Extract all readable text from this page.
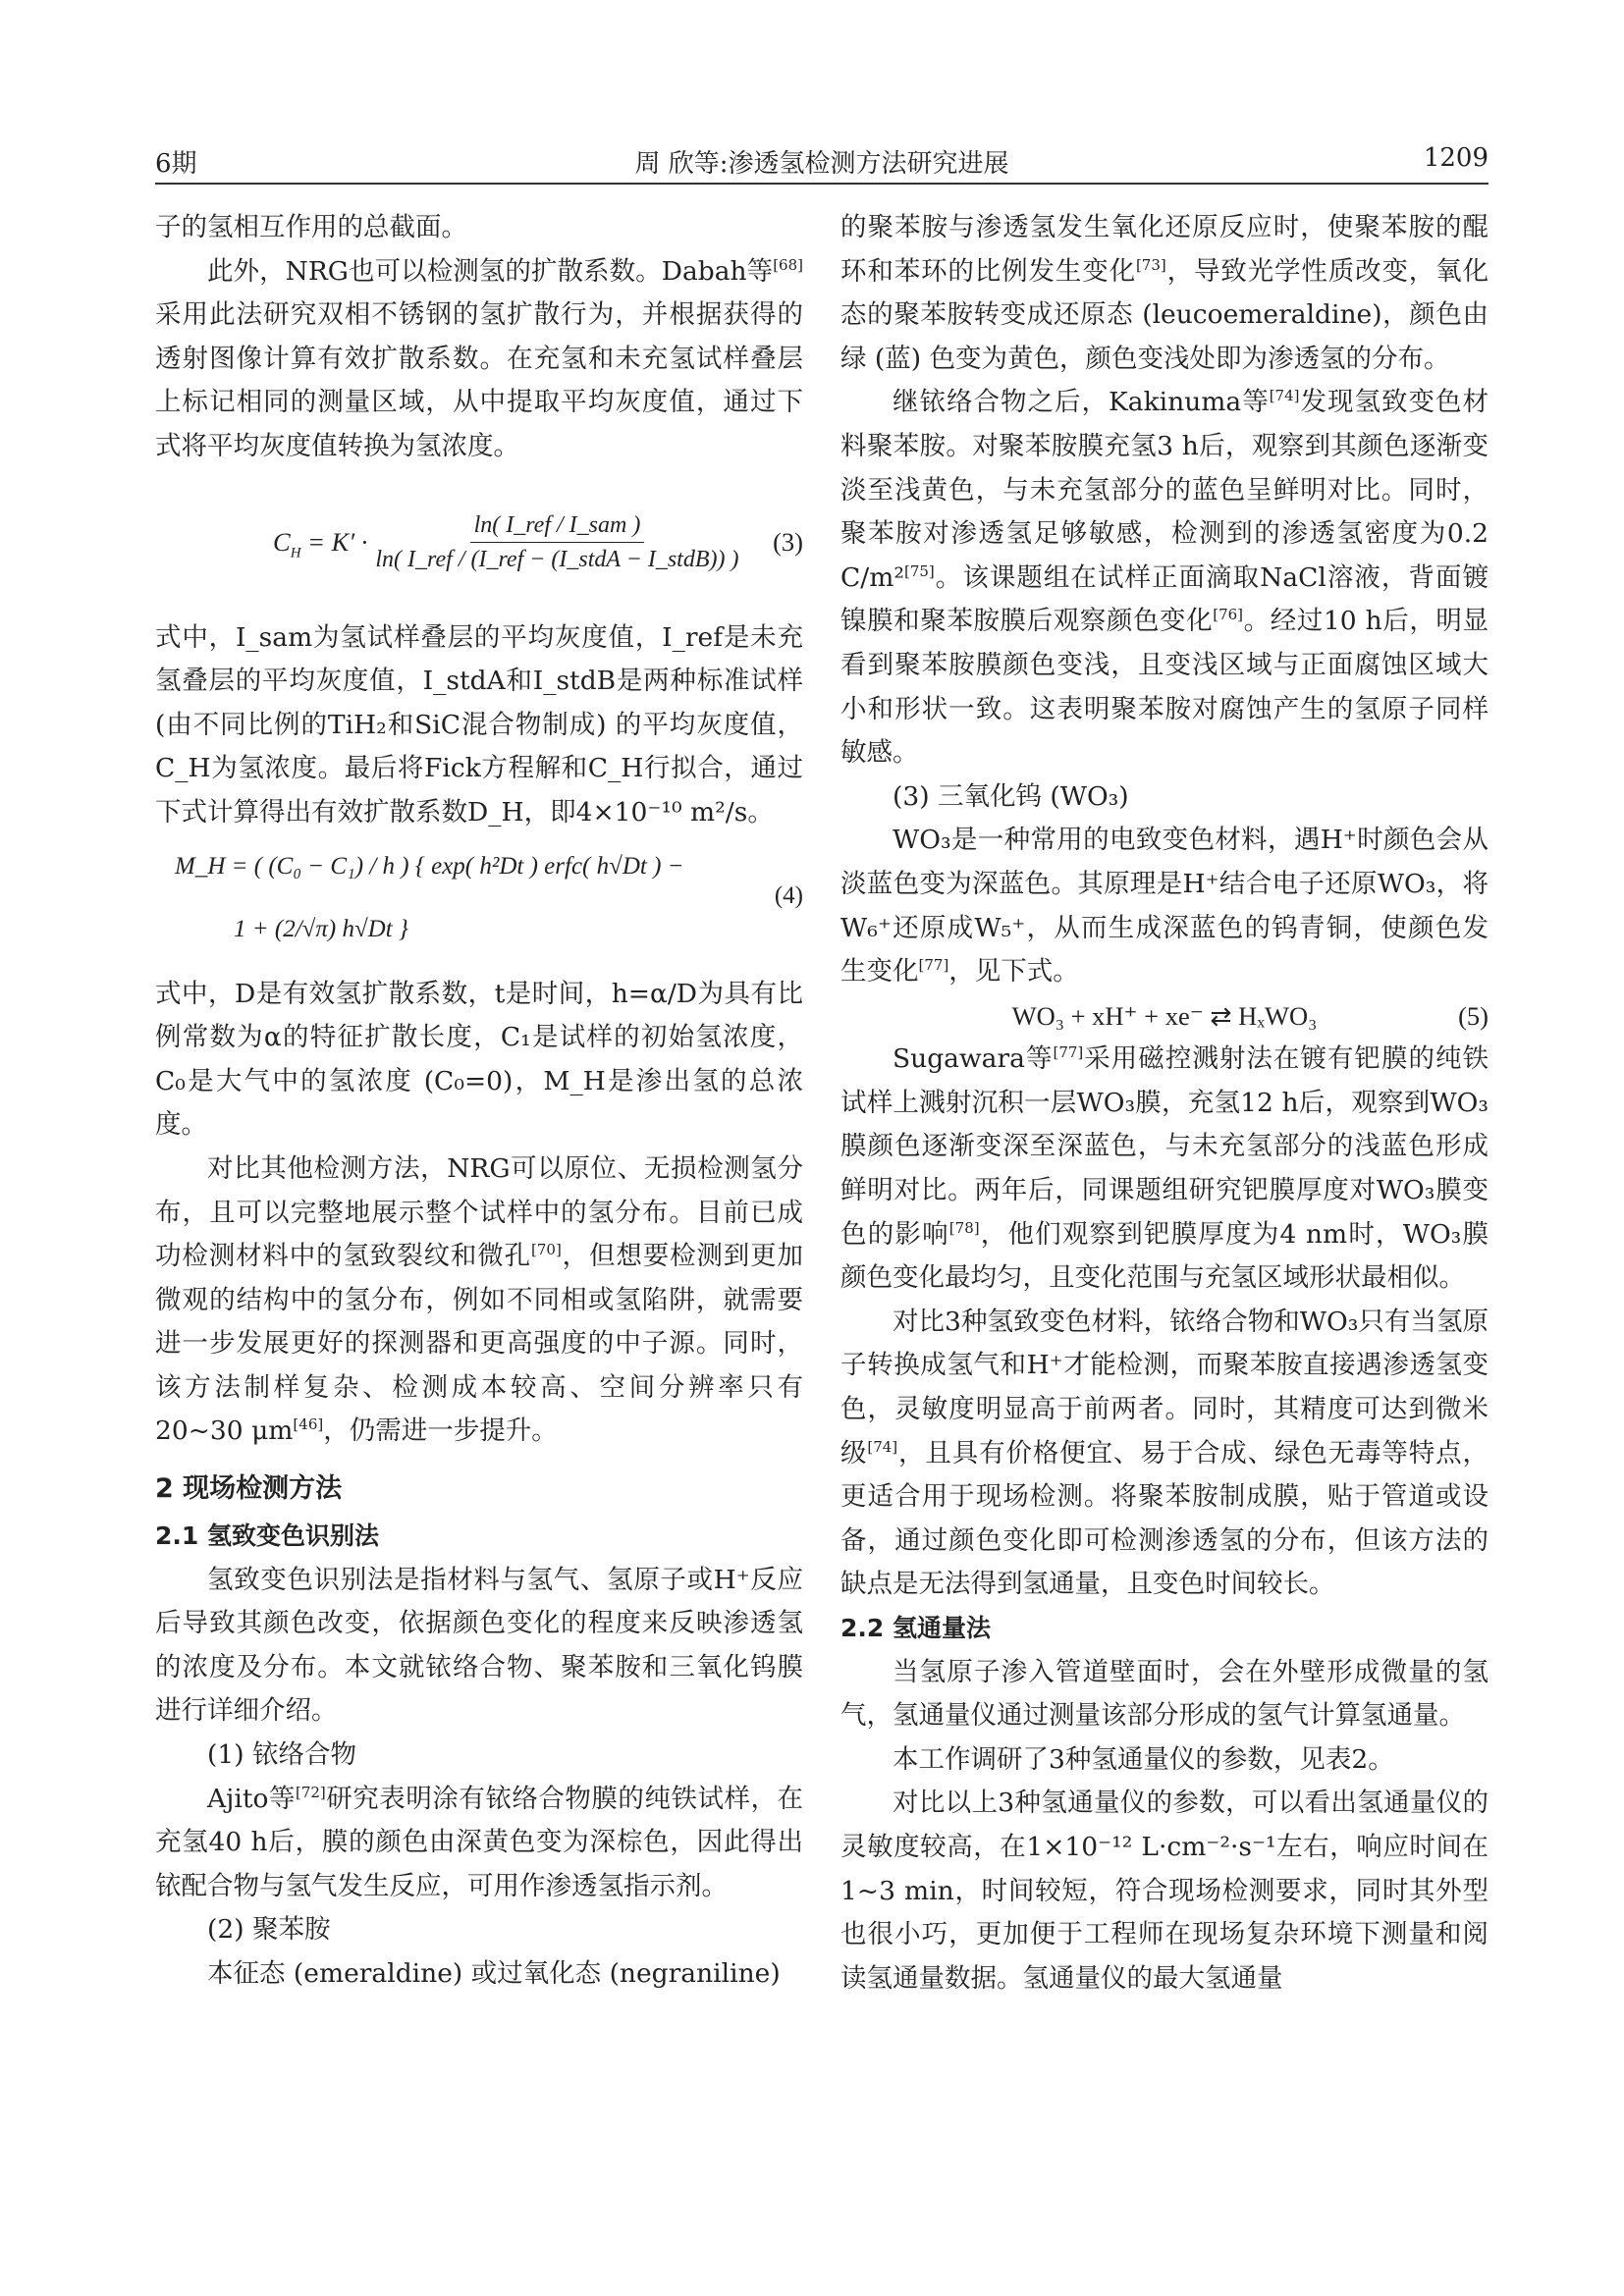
6期	周 欣等:渗透氢检测方法研究进展	1209

子的氢相互作用的总截面。

此外，NRG也可以检测氢的扩散系数。Dabah等[68]采用此法研究双相不锈钢的氢扩散行为，并根据获得的透射图像计算有效扩散系数。在充氢和未充氢试样叠层上标记相同的测量区域，从中提取平均灰度值，通过下式将平均灰度值转换为氢浓度。

$C_H = K' \cdot \frac{\text{ln( I\_ref / I\_sam )}}{\text{ln( I\_ref / (I\_ref − (I\_stdA − I\_stdB)) )}} (3)$

式中，I_sam为氢试样叠层的平均灰度值，I_ref是未充氢叠层的平均灰度值，I_stdA和I_stdB是两种标准试样 (由不同比例的TiH₂和SiC混合物制成) 的平均灰度值，C_H为氢浓度。最后将Fick方程解和C_H行拟合，通过下式计算得出有效扩散系数D_H，即4×10⁻¹⁰ m²/s。

M_H = ( (C₀ − C₁) / h ) { exp( h²Dt ) erfc( h√Dt ) −
1 + (2/√π) h√Dt }
(4)

式中，D是有效氢扩散系数，t是时间，h=α/D为具有比例常数为α的特征扩散长度，C₁是试样的初始氢浓度，C₀是大气中的氢浓度 (C₀=0)，M_H是渗出氢的总浓度。

对比其他检测方法，NRG可以原位、无损检测氢分布，且可以完整地展示整个试样中的氢分布。目前已成功检测材料中的氢致裂纹和微孔[70]，但想要检测到更加微观的结构中的氢分布，例如不同相或氢陷阱，就需要进一步发展更好的探测器和更高强度的中子源。同时，该方法制样复杂、检测成本较高、空间分辨率只有20~30 μm[46]，仍需进一步提升。

2 现场检测方法
2.1 氢致变色识别法

氢致变色识别法是指材料与氢气、氢原子或H⁺反应后导致其颜色改变，依据颜色变化的程度来反映渗透氢的浓度及分布。本文就铱络合物、聚苯胺和三氧化钨膜进行详细介绍。

(1) 铱络合物

Ajito等[72]研究表明涂有铱络合物膜的纯铁试样，在充氢40 h后，膜的颜色由深黄色变为深棕色，因此得出铱配合物与氢气发生反应，可用作渗透氢指示剂。

(2) 聚苯胺

本征态 (emeraldine) 或过氧化态 (negraniline)

的聚苯胺与渗透氢发生氧化还原反应时，使聚苯胺的醌环和苯环的比例发生变化[73]，导致光学性质改变，氧化态的聚苯胺转变成还原态 (leucoemeraldine)，颜色由绿 (蓝) 色变为黄色，颜色变浅处即为渗透氢的分布。

继铱络合物之后，Kakinuma等[74]发现氢致变色材料聚苯胺。对聚苯胺膜充氢3 h后，观察到其颜色逐渐变淡至浅黄色，与未充氢部分的蓝色呈鲜明对比。同时，聚苯胺对渗透氢足够敏感，检测到的渗透氢密度为0.2 C/m²[75]。该课题组在试样正面滴取NaCl溶液，背面镀镍膜和聚苯胺膜后观察颜色变化[76]。经过10 h后，明显看到聚苯胺膜颜色变浅，且变浅区域与正面腐蚀区域大小和形状一致。这表明聚苯胺对腐蚀产生的氢原子同样敏感。

(3) 三氧化钨 (WO₃)

WO₃是一种常用的电致变色材料，遇H⁺时颜色会从淡蓝色变为深蓝色。其原理是H⁺结合电子还原WO₃，将W₆⁺还原成W₅⁺，从而生成深蓝色的钨青铜，使颜色发生变化[77]，见下式。

WO₃ + xH⁺ + xe⁻ ⇄ HₓWO₃	(5)

Sugawara等[77]采用磁控溅射法在镀有钯膜的纯铁试样上溅射沉积一层WO₃膜，充氢12 h后，观察到WO₃膜颜色逐渐变深至深蓝色，与未充氢部分的浅蓝色形成鲜明对比。两年后，同课题组研究钯膜厚度对WO₃膜变色的影响[78]，他们观察到钯膜厚度为4 nm时，WO₃膜颜色变化最均匀，且变化范围与充氢区域形状最相似。

对比3种氢致变色材料，铱络合物和WO₃只有当氢原子转换成氢气和H⁺才能检测，而聚苯胺直接遇渗透氢变色，灵敏度明显高于前两者。同时，其精度可达到微米级[74]，且具有价格便宜、易于合成、绿色无毒等特点，更适合用于现场检测。将聚苯胺制成膜，贴于管道或设备，通过颜色变化即可检测渗透氢的分布，但该方法的缺点是无法得到氢通量，且变色时间较长。

2.2 氢通量法

当氢原子渗入管道壁面时，会在外壁形成微量的氢气，氢通量仪通过测量该部分形成的氢气计算氢通量。

本工作调研了3种氢通量仪的参数，见表2。

对比以上3种氢通量仪的参数，可以看出氢通量仪的灵敏度较高，在1×10⁻¹² L·cm⁻²·s⁻¹左右，响应时间在1~3 min，时间较短，符合现场检测要求，同时其外型也很小巧，更加便于工程师在现场复杂环境下测量和阅读氢通量数据。氢通量仪的最大氢通量
